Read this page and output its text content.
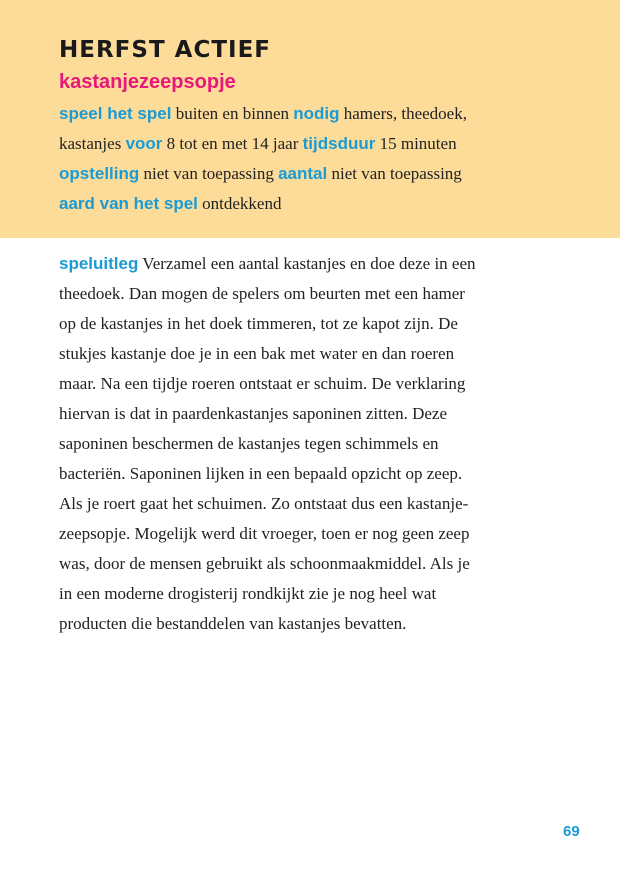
HERFST ACTIEF
kastanjezeepsopje
speel het spel buiten en binnen nodig hamers, theedoek,
kastanjes voor 8 tot en met 14 jaar tijdsduur 15 minuten
opstelling niet van toepassing aantal niet van toepassing
aard van het spel ontdekkend
speluitleg Verzamel een aantal kastanjes en doe deze in een
theedoek. Dan mogen de spelers om beurten met een hamer
op de kastanjes in het doek timmeren, tot ze kapot zijn. De
stukjes kastanje doe je in een bak met water en dan roeren
maar. Na een tijdje roeren ontstaat er schuim. De verklaring
hiervan is dat in paardenkastanjes saponinen zitten. Deze
saponinen beschermen de kastanjes tegen schimmels en
bacteriën. Saponinen lijken in een bepaald opzicht op zeep.
Als je roert gaat het schuimen. Zo ontstaat dus een kastanje-
zeepsopje. Mogelijk werd dit vroeger, toen er nog geen zeep
was, door de mensen gebruikt als schoonmaakmiddel. Als je
in een moderne drogisterij rondkijkt zie je nog heel wat
producten die bestanddelen van kastanjes bevatten.
69
